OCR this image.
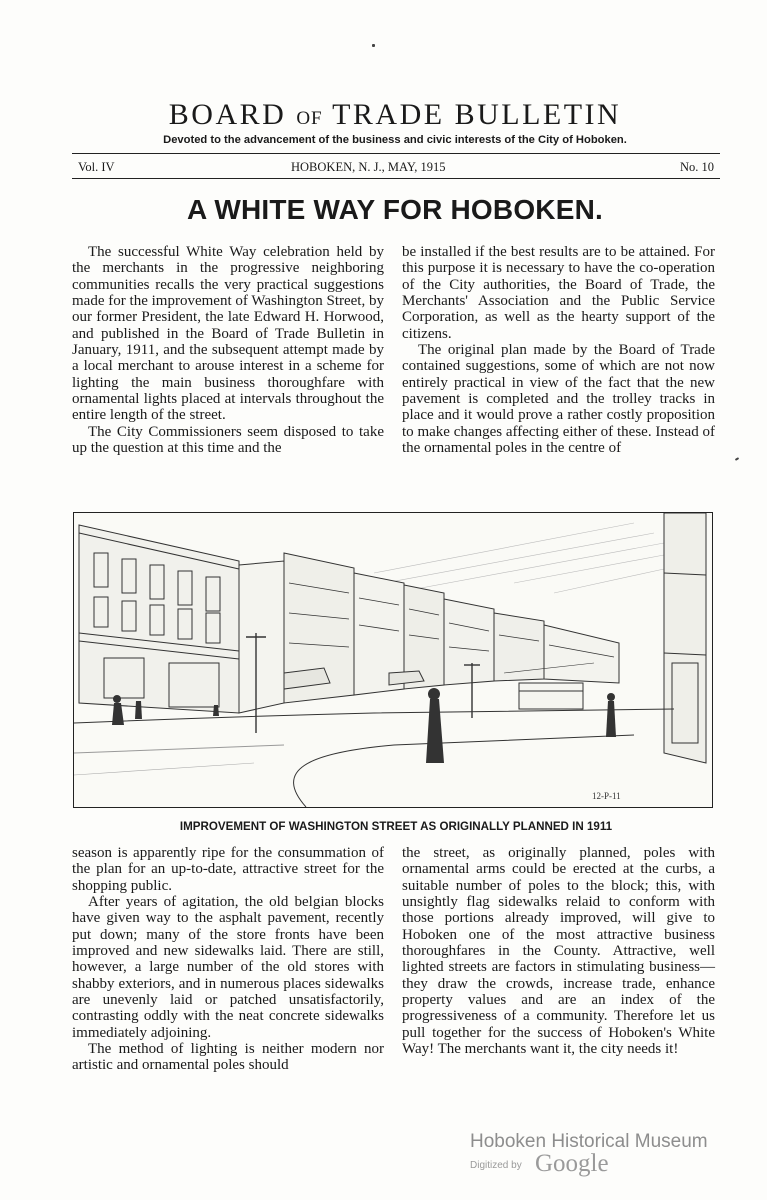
BOARD OF TRADE BULLETIN
Devoted to the advancement of the business and civic interests of the City of Hoboken.
Vol. IV	HOBOKEN, N. J., MAY, 1915	No. 10
A WHITE WAY FOR HOBOKEN.

The successful White Way celebration held by the merchants in the progressive neighboring communities recalls the very practical suggestions made for the improvement of Washington Street, by our former President, the late Edward H. Horwood, and published in the Board of Trade Bulletin in January, 1911, and the subsequent attempt made by a local merchant to arouse interest in a scheme for lighting the main business thoroughfare with ornamental lights placed at intervals throughout the entire length of the street.

The City Commissioners seem disposed to take up the question at this time and the

be installed if the best results are to be attained. For this purpose it is necessary to have the co-operation of the City authorities, the Board of Trade, the Merchants' Association and the Public Service Corporation, as well as the hearty support of the citizens.

The original plan made by the Board of Trade contained suggestions, some of which are not now entirely practical in view of the fact that the new pavement is completed and the trolley tracks in place and it would prove a rather costly proposition to make changes affecting either of these. Instead of the ornamental poles in the centre of

12-P-11
IMPROVEMENT OF WASHINGTON STREET AS ORIGINALLY PLANNED IN 1911

season is apparently ripe for the consummation of the plan for an up-to-date, attractive street for the shopping public.

After years of agitation, the old belgian blocks have given way to the asphalt pavement, recently put down; many of the store fronts have been improved and new sidewalks laid. There are still, however, a large number of the old stores with shabby exteriors, and in numerous places sidewalks are unevenly laid or patched unsatisfactorily, contrasting oddly with the neat concrete sidewalks immediately adjoining.

The method of lighting is neither modern nor artistic and ornamental poles should

the street, as originally planned, poles with ornamental arms could be erected at the curbs, a suitable number of poles to the block; this, with unsightly flag sidewalks relaid to conform with those portions already improved, will give to Hoboken one of the most attractive business thoroughfares in the County. Attractive, well lighted streets are factors in stimulating business—they draw the crowds, increase trade, enhance property values and are an index of the progressiveness of a community. Therefore let us pull together for the success of Hoboken's White Way! The merchants want it, the city needs it!

Hoboken Historical Museum
Digitized by Google
